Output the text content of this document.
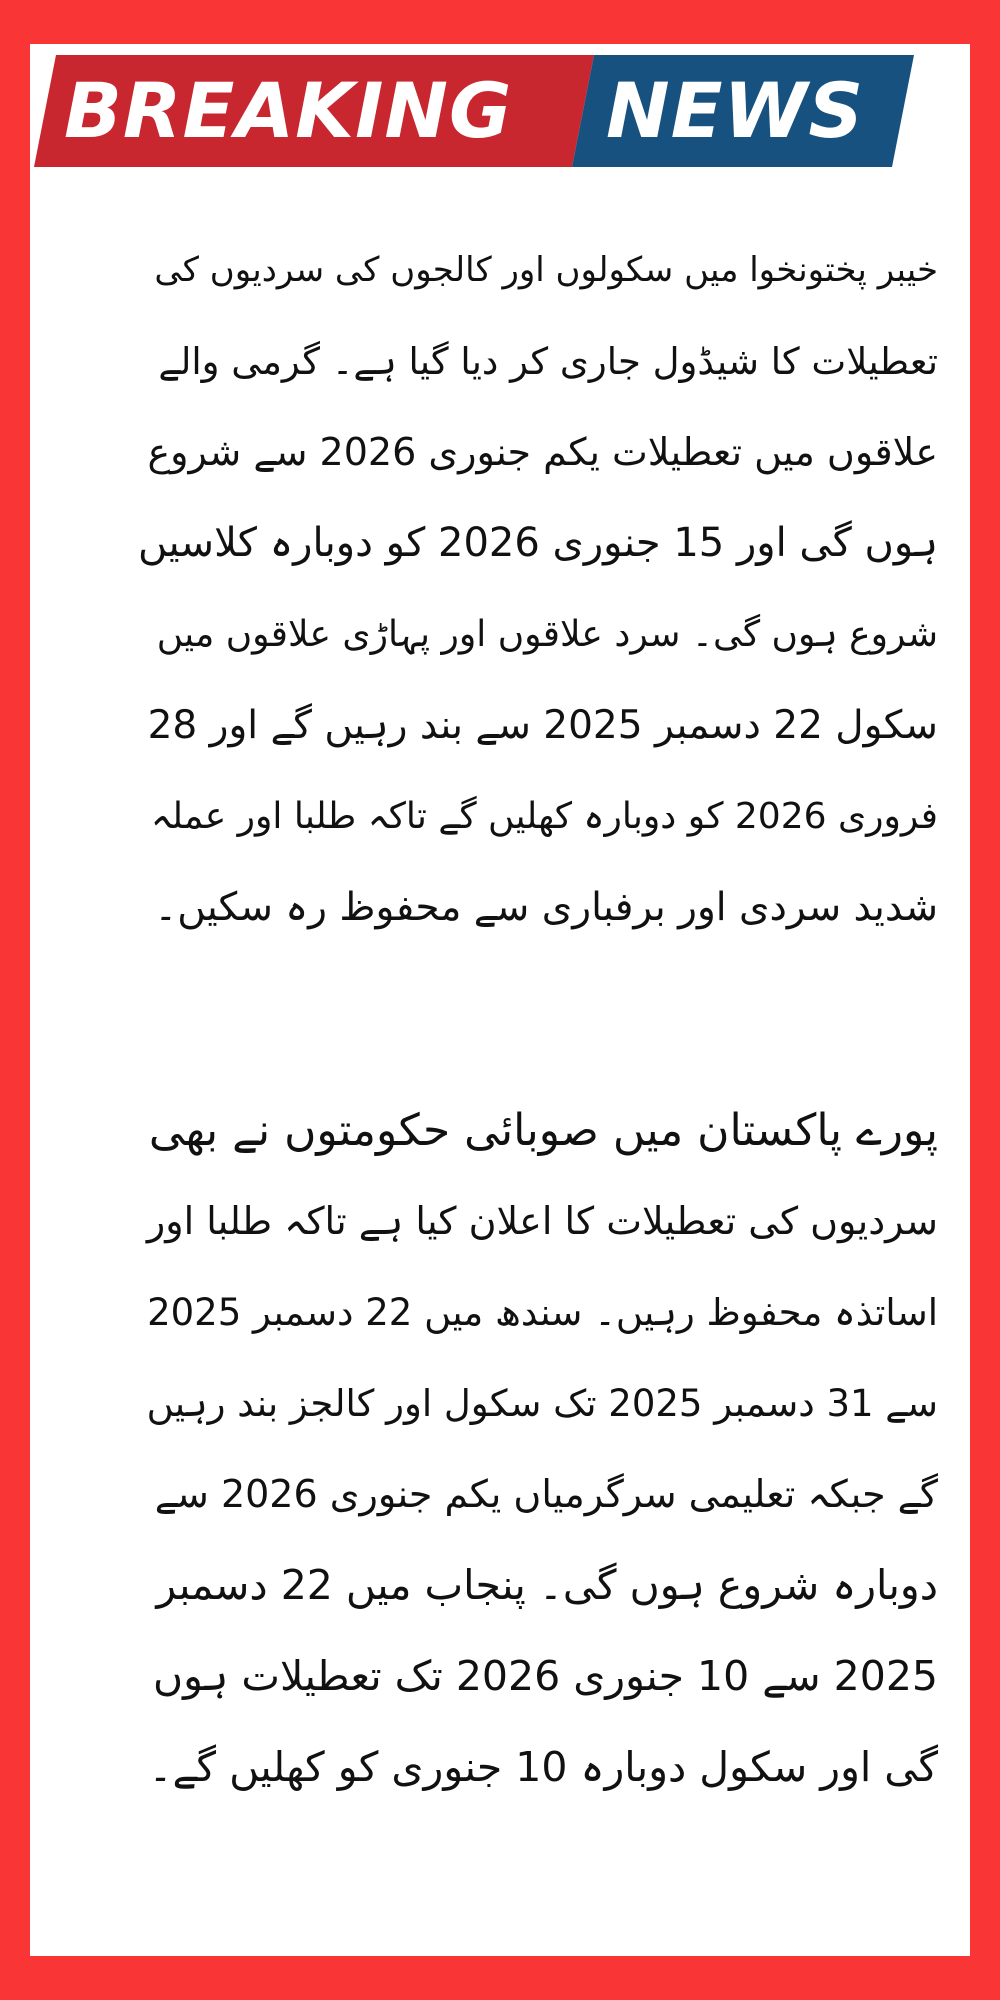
BREAKING NEWS
خیبر پختونخوا میں سکولوں اور کالجوں کی سردیوں کی
تعطیلات کا شیڈول جاری کر دیا گیا ہے۔ گرمی والے
علاقوں میں تعطیلات یکم جنوری 2026 سے شروع
ہوں گی اور 15 جنوری 2026 کو دوبارہ کلاسیں
شروع ہوں گی۔ سرد علاقوں اور پہاڑی علاقوں میں
سکول 22 دسمبر 2025 سے بند رہیں گے اور 28
فروری 2026 کو دوبارہ کھلیں گے تاکہ طلبا اور عملہ
شدید سردی اور برفباری سے محفوظ رہ سکیں۔
پورے پاکستان میں صوبائی حکومتوں نے بھی
سردیوں کی تعطیلات کا اعلان کیا ہے تاکہ طلبا اور
اساتذہ محفوظ رہیں۔ سندھ میں 22 دسمبر 2025
سے 31 دسمبر 2025 تک سکول اور کالجز بند رہیں
گے جبکہ تعلیمی سرگرمیاں یکم جنوری 2026 سے
دوبارہ شروع ہوں گی۔ پنجاب میں 22 دسمبر
2025 سے 10 جنوری 2026 تک تعطیلات ہوں
گی اور سکول دوبارہ 10 جنوری کو کھلیں گے۔
